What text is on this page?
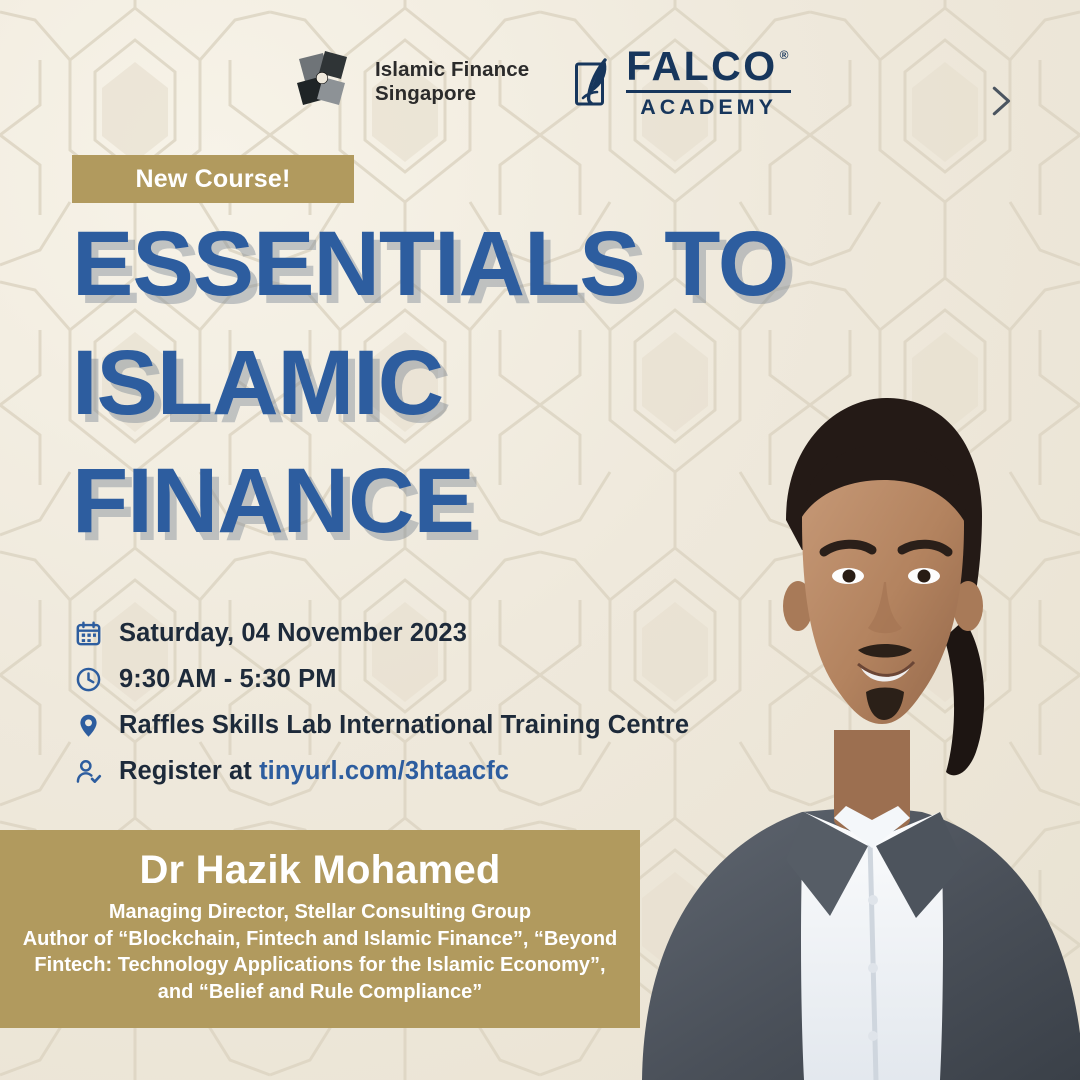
Islamic Finance
Singapore
FALCO ®
ACADEMY
New Course!
ESSENTIALS TO
ISLAMIC
FINANCE
Saturday, 04 November 2023
9:30 AM - 5:30 PM
Raffles Skills Lab International Training Centre
Register at tinyurl.com/3htaacfc
Dr Hazik Mohamed
Managing Director, Stellar Consulting Group
Author of “Blockchain, Fintech and Islamic Finance”, “Beyond
Fintech: Technology Applications for the Islamic Economy”,
and “Belief and Rule Compliance”
